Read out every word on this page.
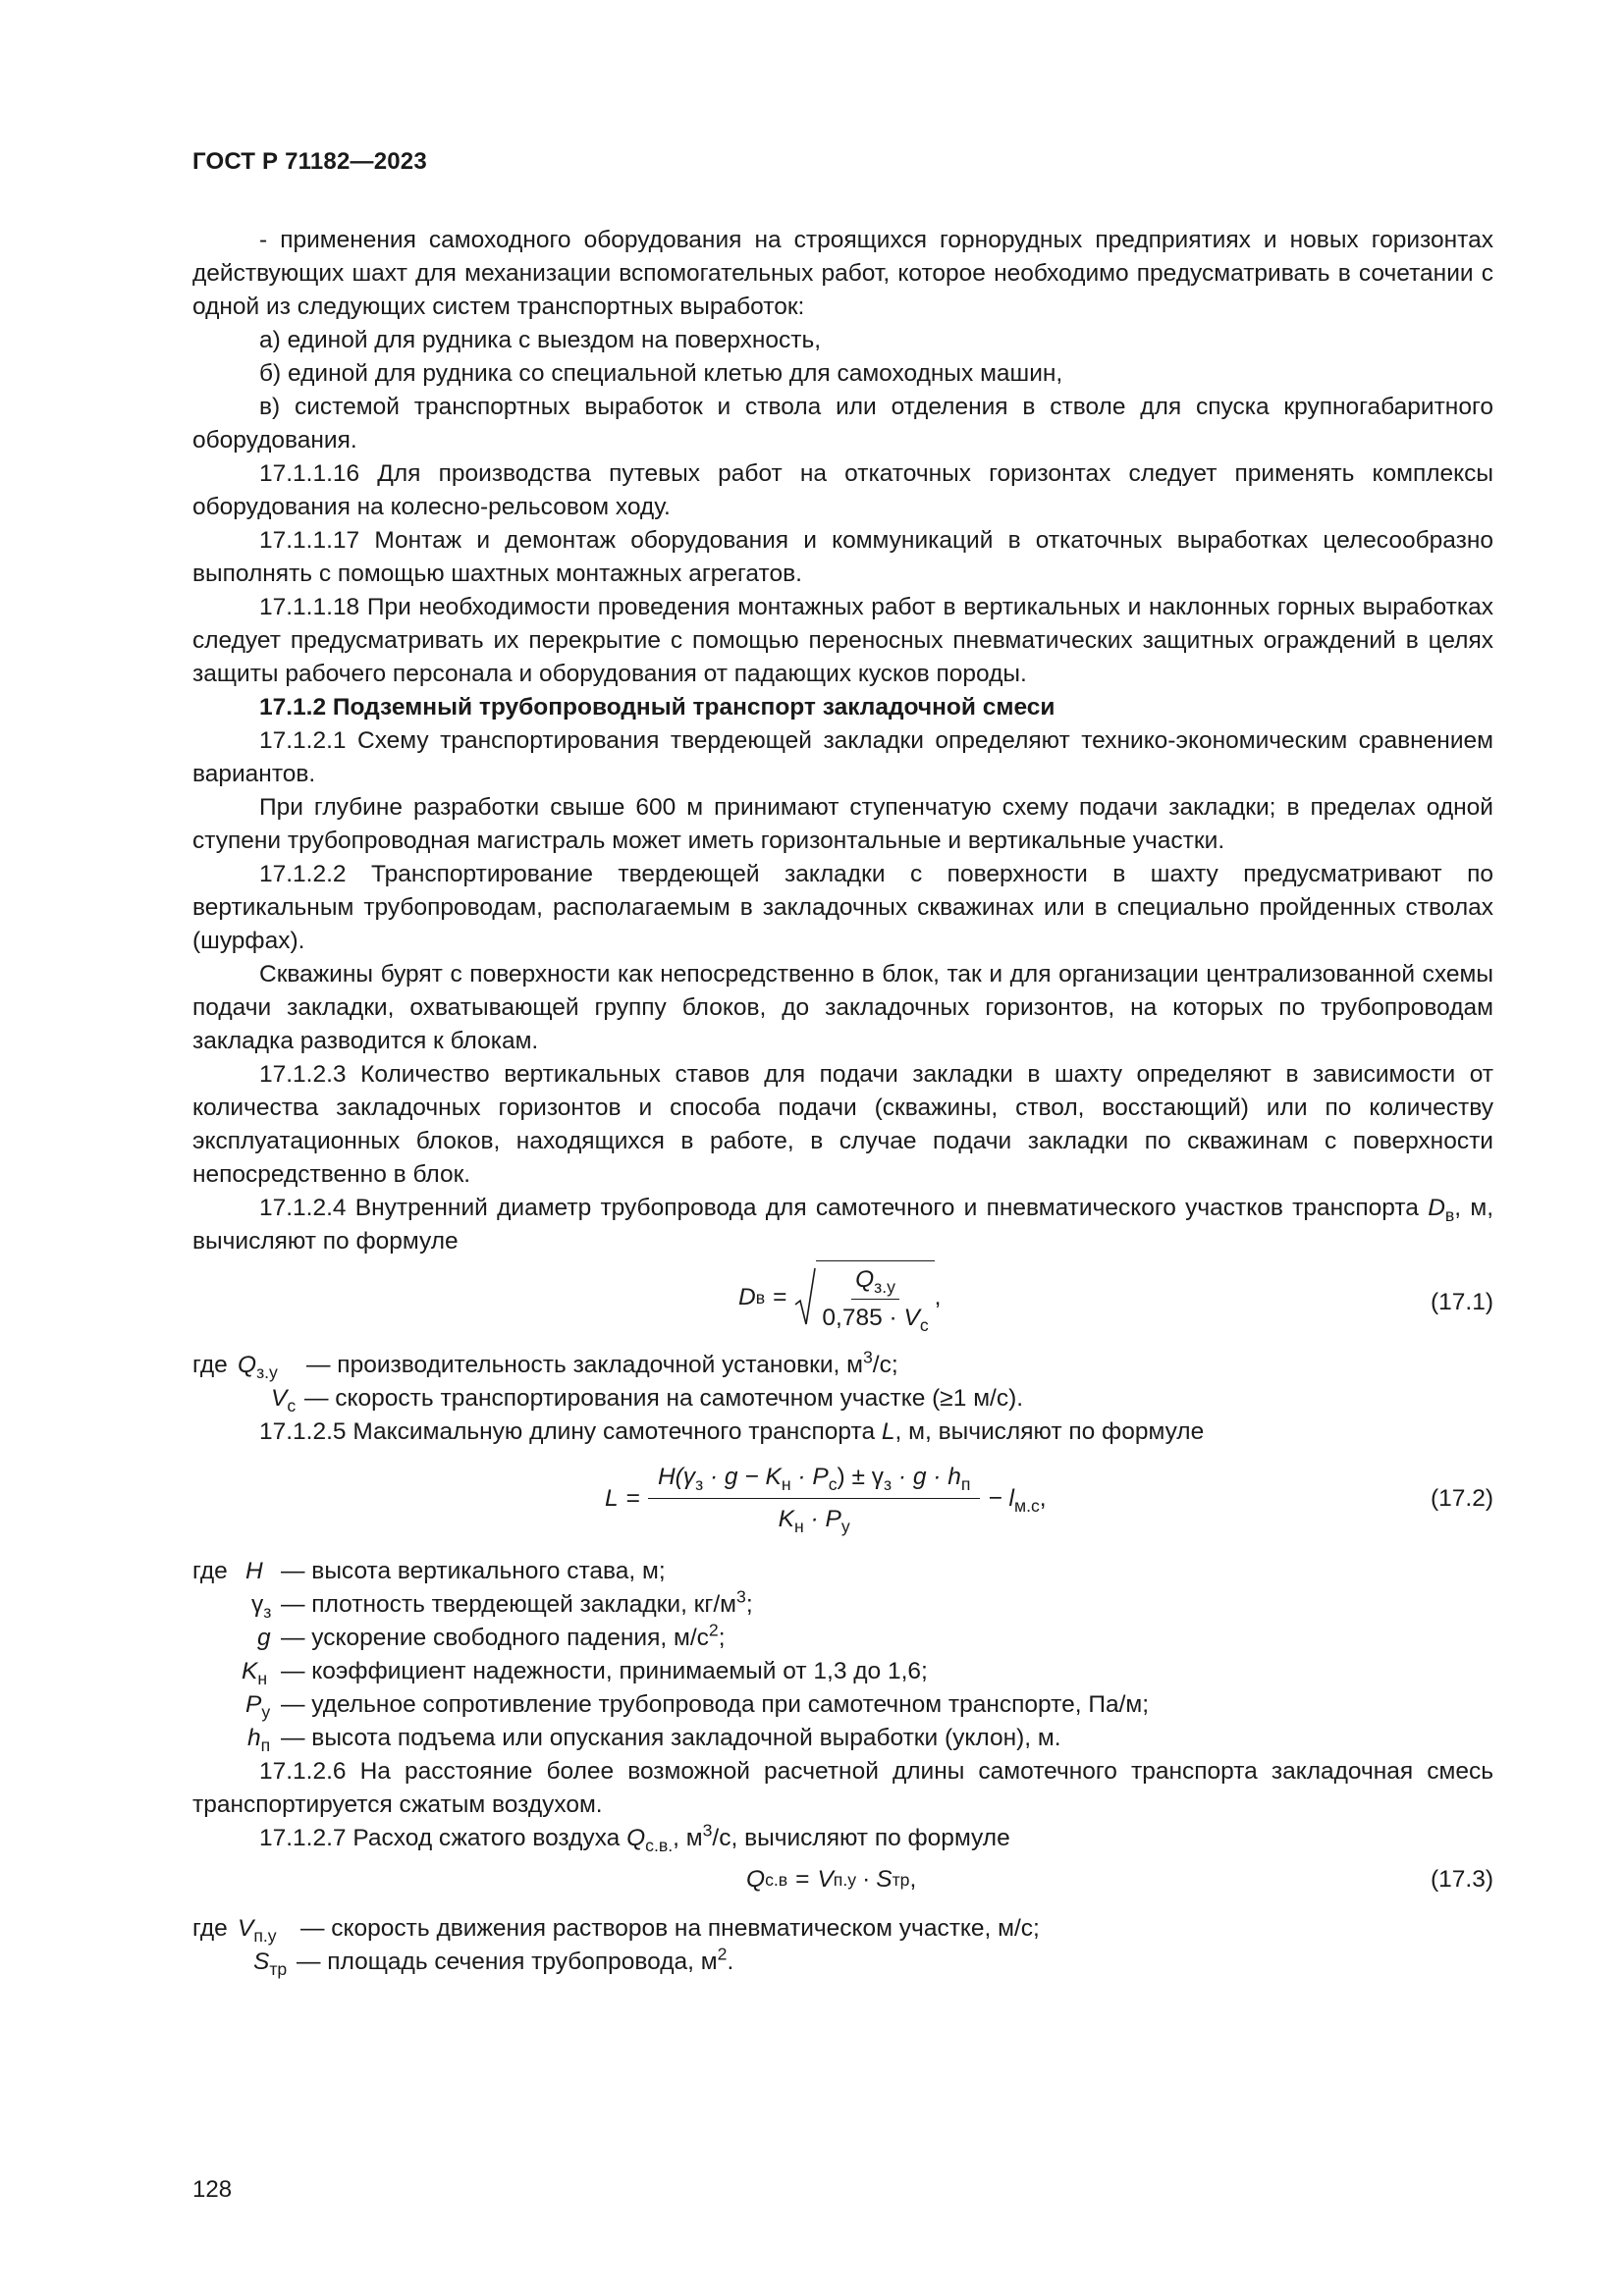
ГОСТ Р 71182—2023

- применения самоходного оборудования на строящихся горнорудных предприятиях и новых горизонтах действующих шахт для механизации вспомогательных работ, которое необходимо предусматривать в сочетании с одной из следующих систем транспортных выработок:

а) единой для рудника с выездом на поверхность,

б) единой для рудника со специальной клетью для самоходных машин,

в) системой транспортных выработок и ствола или отделения в стволе для спуска крупногабаритного оборудования.

17.1.1.16 Для производства путевых работ на откаточных горизонтах следует применять комплексы оборудования на колесно-рельсовом ходу.

17.1.1.17 Монтаж и демонтаж оборудования и коммуникаций в откаточных выработках целесообразно выполнять с помощью шахтных монтажных агрегатов.

17.1.1.18 При необходимости проведения монтажных работ в вертикальных и наклонных горных выработках следует предусматривать их перекрытие с помощью переносных пневматических защитных ограждений в целях защиты рабочего персонала и оборудования от падающих кусков породы.

17.1.2 Подземный трубопроводный транспорт закладочной смеси

17.1.2.1 Схему транспортирования твердеющей закладки определяют технико-экономическим сравнением вариантов.

При глубине разработки свыше 600 м принимают ступенчатую схему подачи закладки; в пределах одной ступени трубопроводная магистраль может иметь горизонтальные и вертикальные участки.

17.1.2.2 Транспортирование твердеющей закладки с поверхности в шахту предусматривают по вертикальным трубопроводам, располагаемым в закладочных скважинах или в специально пройденных стволах (шурфах).

Скважины бурят с поверхности как непосредственно в блок, так и для организации централизованной схемы подачи закладки, охватывающей группу блоков, до закладочных горизонтов, на которых по трубопроводам закладка разводится к блокам.

17.1.2.3 Количество вертикальных ставов для подачи закладки в шахту определяют в зависимости от количества закладочных горизонтов и способа подачи (скважины, ствол, восстающий) или по количеству эксплуатационных блоков, находящихся в работе, в случае подачи закладки по скважинам с поверхности непосредственно в блок.

17.1.2.4 Внутренний диаметр трубопровода для самотечного и пневматического участков транспорта $D_в$, м, вычисляют по формуле

D $в = \frac{Q_{з.у}}{0,785 \cdot V_c}$ ,	(17.1)
где $Q_{з.у}$ — производительность закладочной установки, $м^3/с$;
$V_с$ — скорость транспортирования на самотечном участке (≥1 м/с).

17.1.2.5 Максимальную длину самотечного транспорта L, м, вычисляют по формуле

$L = \frac{H(\gamma_з \cdot g - K_н \cdot P_c) \pm \gamma_з \cdot g \cdot h_п}{K_н \cdot P_у} - l_{м.с}$ ,	(17.2)
где H — высота вертикального става, м;
$\gamma_з$ — плотность твердеющей закладки, $кг/м^3$;
g — ускорение свободного падения, $м/с^2$;
$K_н$ — коэффициент надежности, принимаемый от 1,3 до 1,6;
$P_у$ — удельное сопротивление трубопровода при самотечном транспорте, Па/м;
$h_п$ — высота подъема или опускания закладочной выработки (уклон), м.

17.1.2.6 На расстояние более возможной расчетной длины самотечного транспорта закладочная смесь транспортируется сжатым воздухом.

17.1.2.7 Расход сжатого воздуха $Q_{с.в.}$, $м^3/с$, вычисляют по формуле

Q с.в = V п.у · S тр ,	(17.3)
где $V_{п.у}$ — скорость движения растворов на пневматическом участке, м/с;
$S_{тр}$ — площадь сечения трубопровода, $м^2$.
128
